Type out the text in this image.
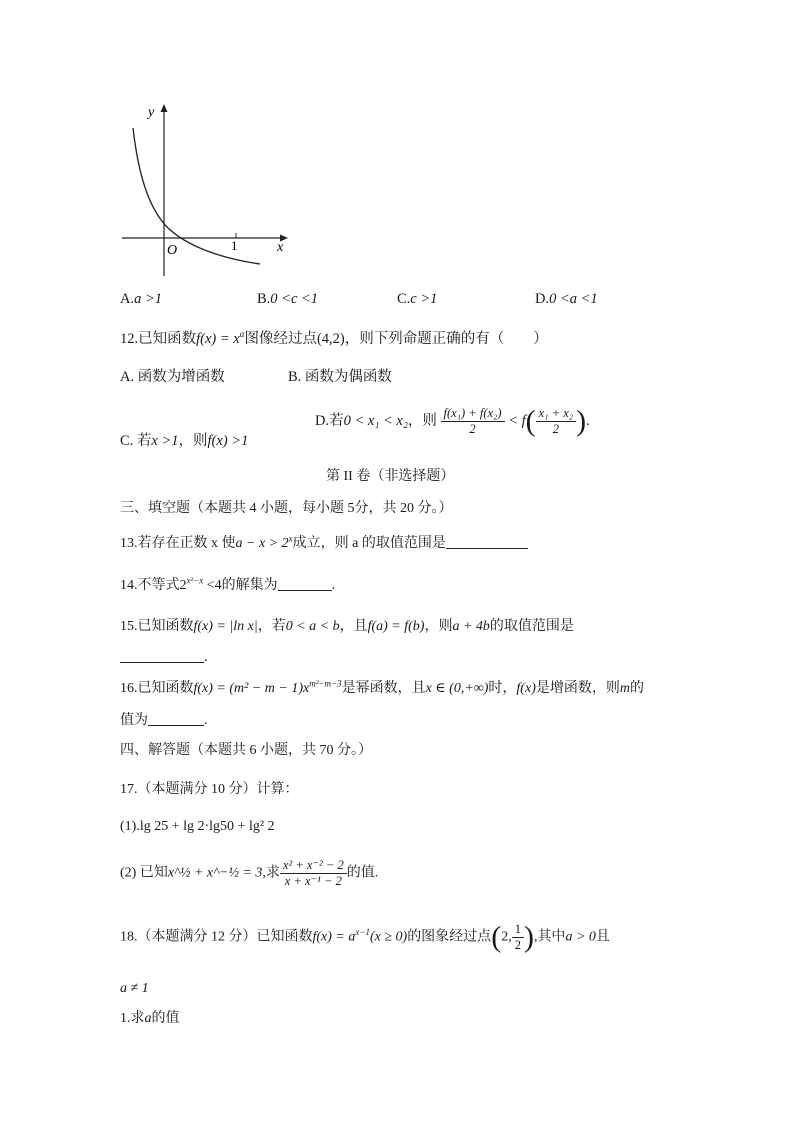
y
x
O	1
A.a >1	B.0 <c <1	C.c >1	D.0 <a <1
12.已知函数$f(x) = x^\alpha$图像经过点(4,2)，则下列命题正确的有（　　）
A. 函数为增函数	B. 函数为偶函数
C. 若x >1，则f(x) >1
D.若0 < x₁ < x₂，则 $\frac{\text{f(x₁) + f(x₂)}}{2} < f( \frac{\text{x₁ + x₂}}{2}$ ).
第 II 卷（非选择题）
三、填空题（本题共 4 小题，每小题 5分，共 20 分。）
13.若存在正数 x 使$a - x > 2^x$成立，则 a 的取值范围是
14.不等式$2^{x^2-x} <4$的解集为	.
15.已知函数f(x) = |ln x|，若0 < a < b，且f(a) = f(b)，则a + 4b的取值范围是
.
16.已知函数$f(x) = (m^2 - m - 1)x^{m^2-m-3}$是幂函数，且x ∈ (0,+∞)时，f(x)是增函数，则m的
值为	.
四、解答题（本题共 6 小题，共 70 分。）
17.（本题满分 10 分）计算：
(1).lg 25 + lg 2·lg50 + lg² 2
(2) 已知x^½ + x^−½ = 3,求 $\frac{\text{x² + x⁻² − 2}}{\text{x + x⁻¹ − 2}}$ 的值.
18.（本题满分 12 分）已知函数$f(x) = a^{x-1}(x \ge 0)$的图象经过点(2, $\frac{1}{2}$ ),其中a > 0且
a ≠ 1
1.求a的值
